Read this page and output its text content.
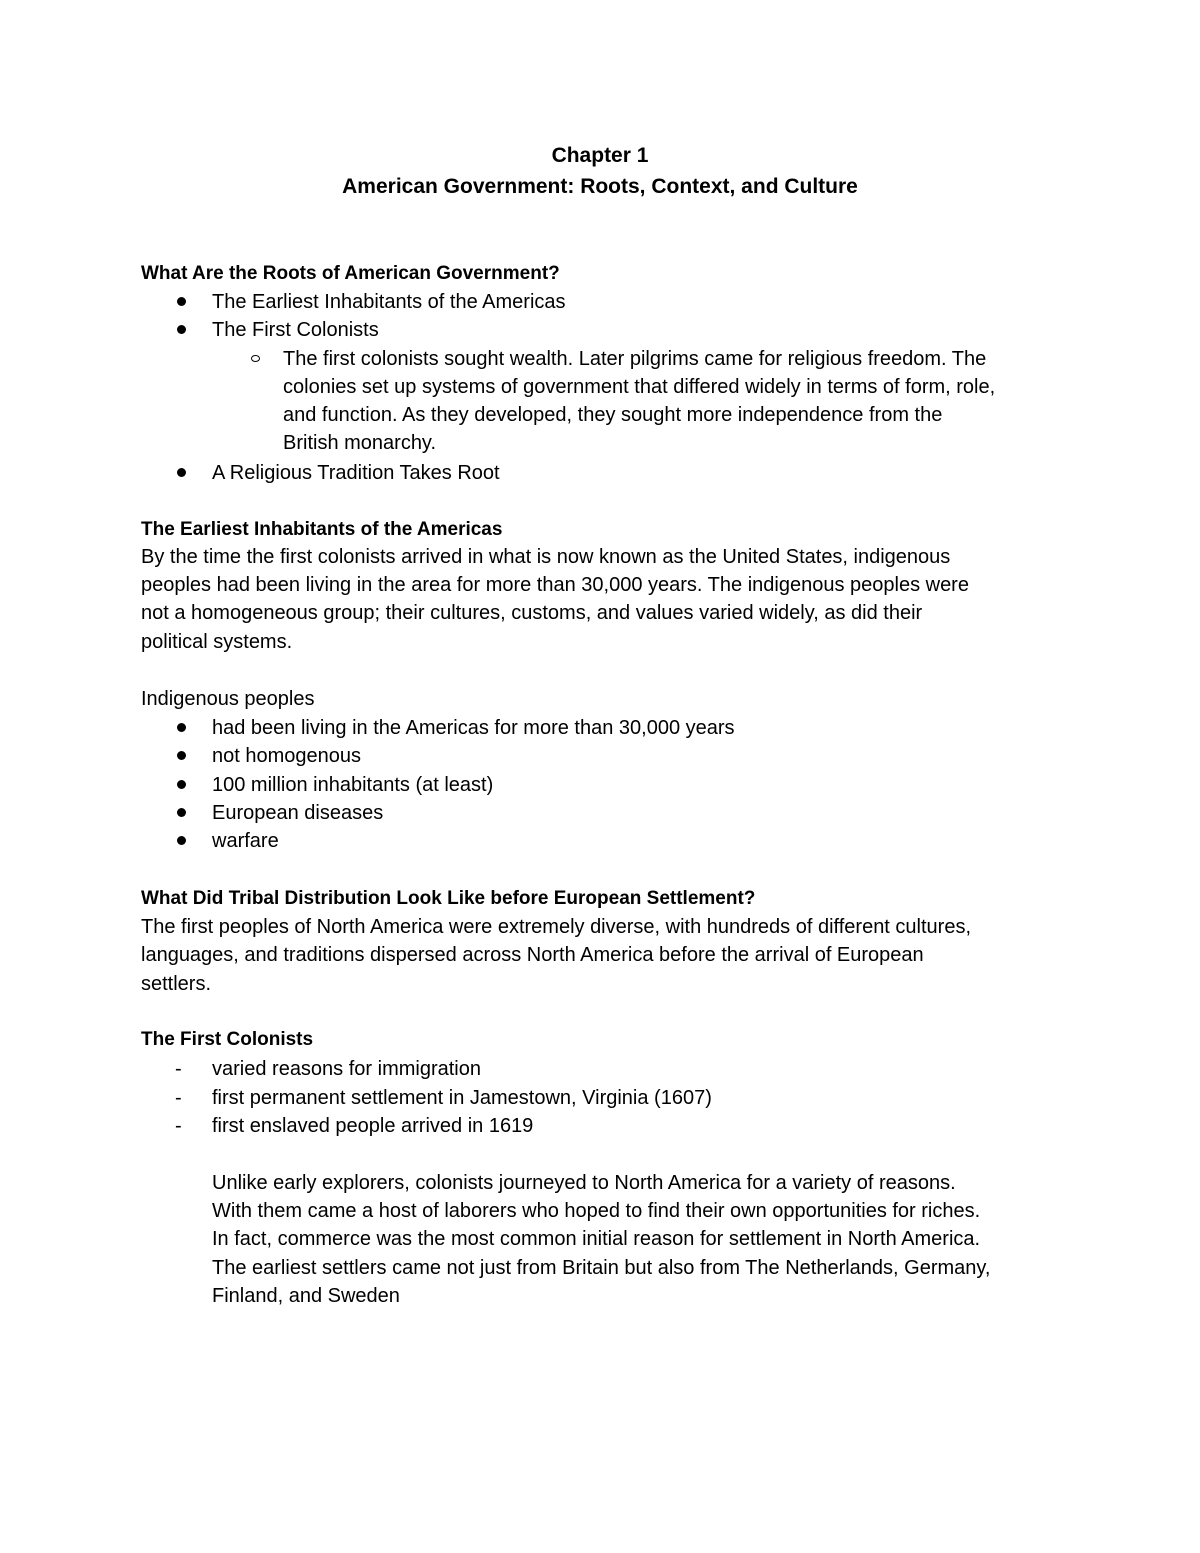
Chapter 1
American Government: Roots, Context, and Culture
What Are the Roots of American Government?
The Earliest Inhabitants of the Americas
The First Colonists
The first colonists sought wealth. Later pilgrims came for religious freedom. The
colonies set up systems of government that differed widely in terms of form, role,
and function. As they developed, they sought more independence from the
British monarchy.
A Religious Tradition Takes Root
The Earliest Inhabitants of the Americas
By the time the first colonists arrived in what is now known as the United States, indigenous
peoples had been living in the area for more than 30,000 years. The indigenous peoples were
not a homogeneous group; their cultures, customs, and values varied widely, as did their
political systems.
Indigenous peoples
had been living in the Americas for more than 30,000 years
not homogenous
100 million inhabitants (at least)
European diseases
warfare
What Did Tribal Distribution Look Like before European Settlement?
The first peoples of North America were extremely diverse, with hundreds of different cultures,
languages, and traditions dispersed across North America before the arrival of European
settlers.
The First Colonists
- varied reasons for immigration
- first permanent settlement in Jamestown, Virginia (1607)
- first enslaved people arrived in 1619
Unlike early explorers, colonists journeyed to North America for a variety of reasons.
With them came a host of laborers who hoped to find their own opportunities for riches.
In fact, commerce was the most common initial reason for settlement in North America.
The earliest settlers came not just from Britain but also from The Netherlands, Germany,
Finland, and Sweden
